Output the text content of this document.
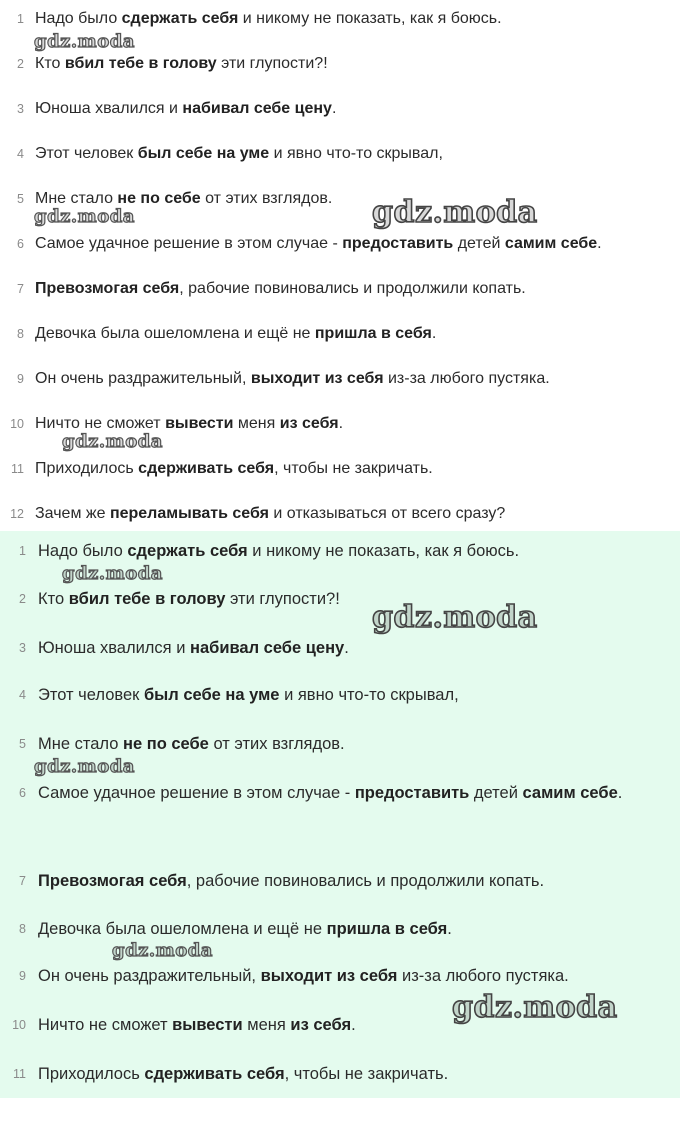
1 Надо было сдержать себя и никому не показать, как я боюсь.
2 Кто вбил тебе в голову эти глупости?!
3 Юноша хвалился и набивал себе цену.
4 Этот человек был себе на уме и явно что-то скрывал,
5 Мне стало не по себе от этих взглядов.
6 Самое удачное решение в этом случае - предоставить детей самим себе.
7 Превозмогая себя, рабочие повиновались и продолжили копать.
8 Девочка была ошеломлена и ещё не пришла в себя.
9 Он очень раздражительный, выходит из себя из-за любого пустяка.
10 Ничто не сможет вывести меня из себя.
11 Приходилось сдерживать себя, чтобы не закричать.
12 Зачем же переламывать себя и отказываться от всего сразу?
1 Надо было сдержать себя и никому не показать, как я боюсь.
2 Кто вбил тебе в голову эти глупости?!
3 Юноша хвалился и набивал себе цену.
4 Этот человек был себе на уме и явно что-то скрывал,
5 Мне стало не по себе от этих взглядов.
6 Самое удачное решение в этом случае - предоставить детей самим себе.
7 Превозмогая себя, рабочие повиновались и продолжили копать.
8 Девочка была ошеломлена и ещё не пришла в себя.
9 Он очень раздражительный, выходит из себя из-за любого пустяка.
10 Ничто не сможет вывести меня из себя.
11 Приходилось сдерживать себя, чтобы не закричать.
